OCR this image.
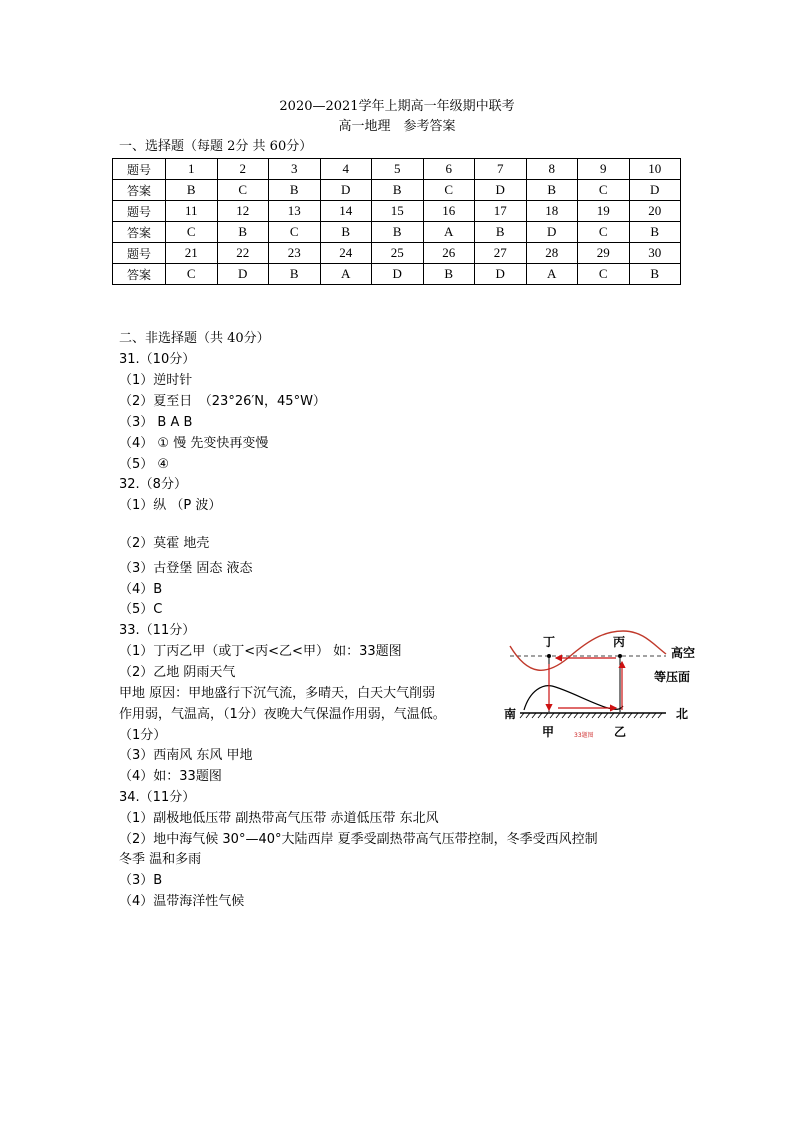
2020—2021学年上期高一年级期中联考
高一地理　参考答案
一、选择题（每题 2分 共 60分）
题号	1	2	3	4	5	6	7	8	9	10
答案	B	C	B	D	B	C	D	B	C	D
题号	11	12	13	14	15	16	17	18	19	20
答案	C	B	C	B	B	A	B	D	C	B
题号	21	22	23	24	25	26	27	28	29	30
答案	C	D	B	A	D	B	D	A	C	B
二、非选择题（共 40分）
31.（10分）
（1）逆时针
（2）夏至日　（23°26′N，45°W）
（3） B A B
（4） ① 慢 先变快再变慢
（5） ④
32.（8分）
（1）纵 （P 波）
（2）莫霍 地壳
（3）古登堡 固态 液态
（4）B
（5）C
33.（11分）
（1）丁丙乙甲（或丁<丙<乙<甲） 如：33题图
（2）乙地 阴雨天气
甲地 原因：甲地盛行下沉气流，多晴天，白天大气削弱
作用弱，气温高，（1分）夜晚大气保温作用弱，气温低。
（1分）
（3）西南风 东风 甲地
（4）如：33题图
34.（11分）
（1）副极地低压带 副热带高气压带 赤道低压带 东北风
（2）地中海气候 30°—40°大陆西岸 夏季受副热带高气压带控制，冬季受西风控制
冬季 温和多雨
（3）B
（4）温带海洋性气候
丁	丙
高空
等压面
南	北
甲	乙
33题图
